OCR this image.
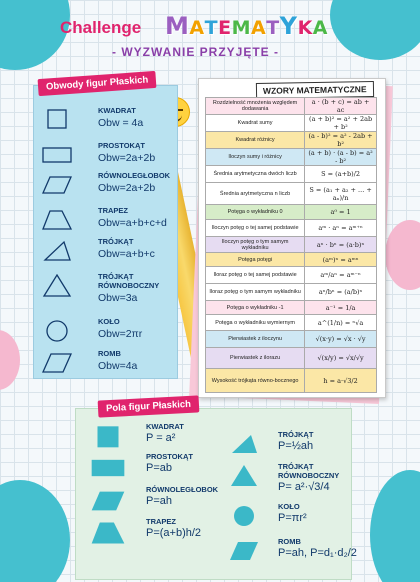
Challenge MATEMATYKA
- WYZWANIE PRZYJĘTE -
Obwody figur Płaskich
KWADRAT
Obw = 4a
PROSTOKĄT
Obw=2a+2b
RÓWNOLEGŁOBOK
Obw=2a+2b
TRAPEZ
Obw=a+b+c+d
TRÓJKĄT
Obw=a+b+c
TRÓJKĄT RÓWNOBOCZNY
Obw=3a
KOŁO
Obw=2πr
ROMB
Obw=4a
WZORY MATEMATYCZNE
Rozdzielność mnożenia względem dodawania	a · (b + c) = ab + ac
Kwadrat sumy	(a + b)² = a² + 2ab + b²
Kwadrat różnicy	(a - b)² = a² - 2ab + b²
Iloczyn sumy i różnicy	(a + b) · (a - b) = a² - b²
Średnia arytmetyczna dwóch liczb	S = (a+b)/2
Średnia arytmetyczna n liczb	S = (a₁ + a₂ + ... + aₙ)/n
Potęga o wykładniku 0	a⁰ = 1
Iloczyn potęg o tej samej podstawie	aᵐ · aⁿ = aᵐ⁺ⁿ
Iloczyn potęg o tym samym wykładniku	aⁿ · bⁿ = (a·b)ⁿ
Potęga potęgi	(aᵐ)ⁿ = aᵐⁿ
Iloraz potęg o tej samej podstawie	aᵐ/aⁿ = aᵐ⁻ⁿ
Iloraz potęg o tym samym wykładniku	aⁿ/bⁿ = (a/b)ⁿ
Potęga o wykładniku -1	a⁻¹ = 1/a
Potęga o wykładniku wymiernym	a^(1/n) = ⁿ√a
Pierwiastek z iloczynu	√(x·y) = √x · √y
Pierwiastek z ilorazu	√(x/y) = √x/√y
Wysokość trójkąta równo-bocznego	h = a·√3/2
Pola figur Płaskich
KWADRAT
P = a²
PROSTOKĄT
P=ab
RÓWNOLEGŁOBOK
P=ah
TRAPEZ
P=(a+b)h/2
TRÓJKĄT
P=½ah
TRÓJKĄT RÓWNOBOCZNY
P= a²·√3/4
KOŁO
P=πr²
ROMB
P=ah, P=d₁·d₂/2
